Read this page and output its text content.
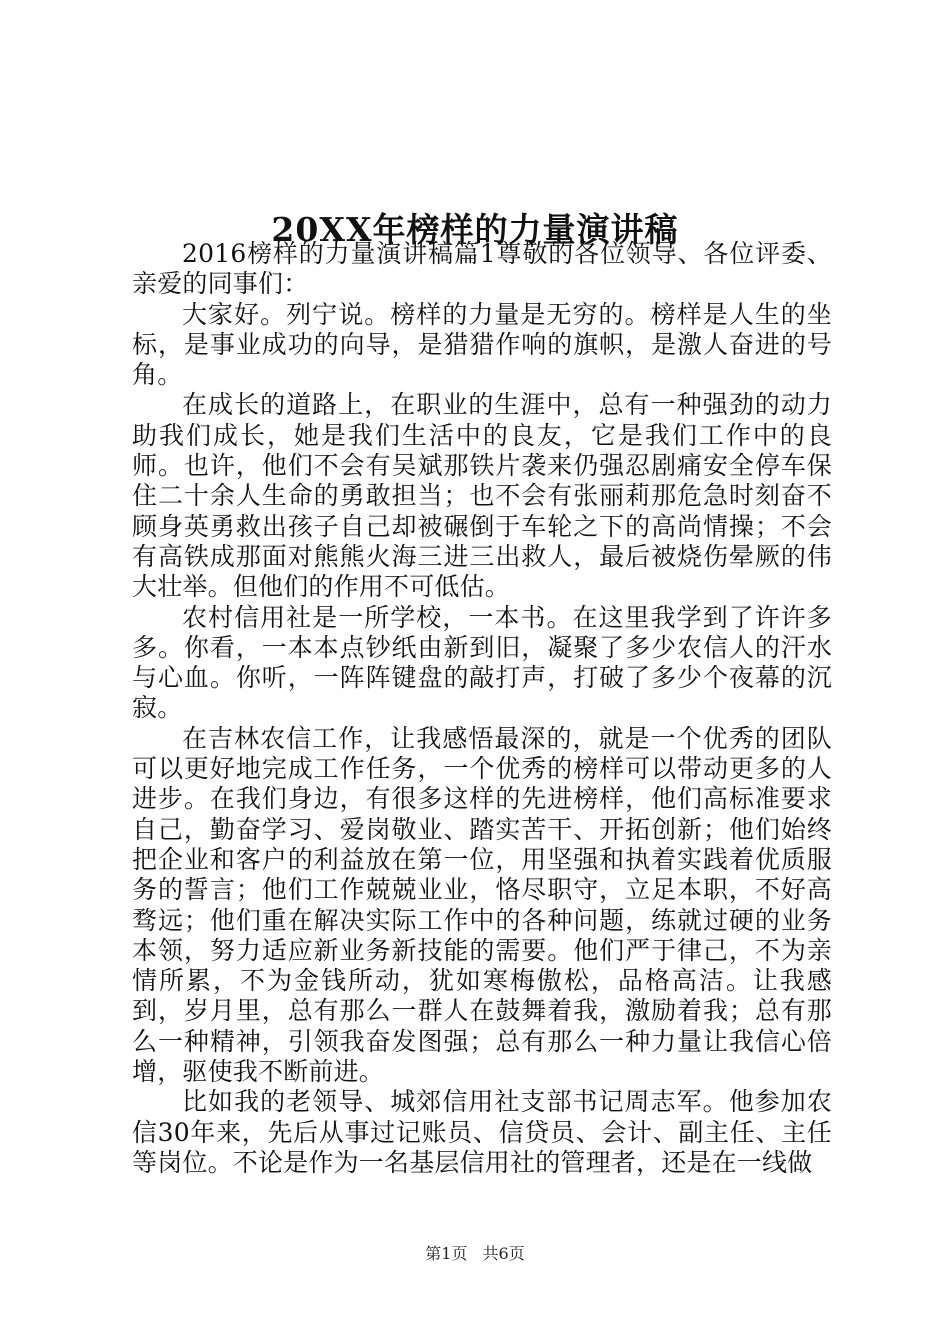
20XX年榜样的力量演讲稿

2016榜样的力量演讲稿篇1尊敬的各位领导、各位评委、亲爱的同事们：

大家好。列宁说。榜样的力量是无穷的。榜样是人生的坐标，是事业成功的向导，是猎猎作响的旗帜，是激人奋进的号角。

在成长的道路上，在职业的生涯中，总有一种强劲的动力助我们成长，她是我们生活中的良友，它是我们工作中的良师。也许，他们不会有吴斌那铁片袭来仍强忍剧痛安全停车保住二十余人生命的勇敢担当；也不会有张丽莉那危急时刻奋不顾身英勇救出孩子自己却被碾倒于车轮之下的高尚情操；不会有高铁成那面对熊熊火海三进三出救人，最后被烧伤晕厥的伟大壮举。但他们的作用不可低估。

农村信用社是一所学校，一本书。在这里我学到了许许多多。你看，一本本点钞纸由新到旧，凝聚了多少农信人的汗水与心血。你听，一阵阵键盘的敲打声，打破了多少个夜幕的沉寂。

在吉林农信工作，让我感悟最深的，就是一个优秀的团队可以更好地完成工作任务，一个优秀的榜样可以带动更多的人进步。在我们身边，有很多这样的先进榜样，他们高标准要求自己，勤奋学习、爱岗敬业、踏实苦干、开拓创新；他们始终把企业和客户的利益放在第一位，用坚强和执着实践着优质服务的誓言；他们工作兢兢业业，恪尽职守，立足本职，不好高骛远；他们重在解决实际工作中的各种问题，练就过硬的业务本领，努力适应新业务新技能的需要。他们严于律己，不为亲情所累，不为金钱所动，犹如寒梅傲松，品格高洁。让我感到，岁月里，总有那么一群人在鼓舞着我，激励着我；总有那么一种精神，引领我奋发图强；总有那么一种力量让我信心倍增，驱使我不断前进。

比如我的老领导、城郊信用社支部书记周志军。他参加农信30年来，先后从事过记账员、信贷员、会计、副主任、主任等岗位。不论是作为一名基层信用社的管理者，还是在一线做

第1页 共6页
